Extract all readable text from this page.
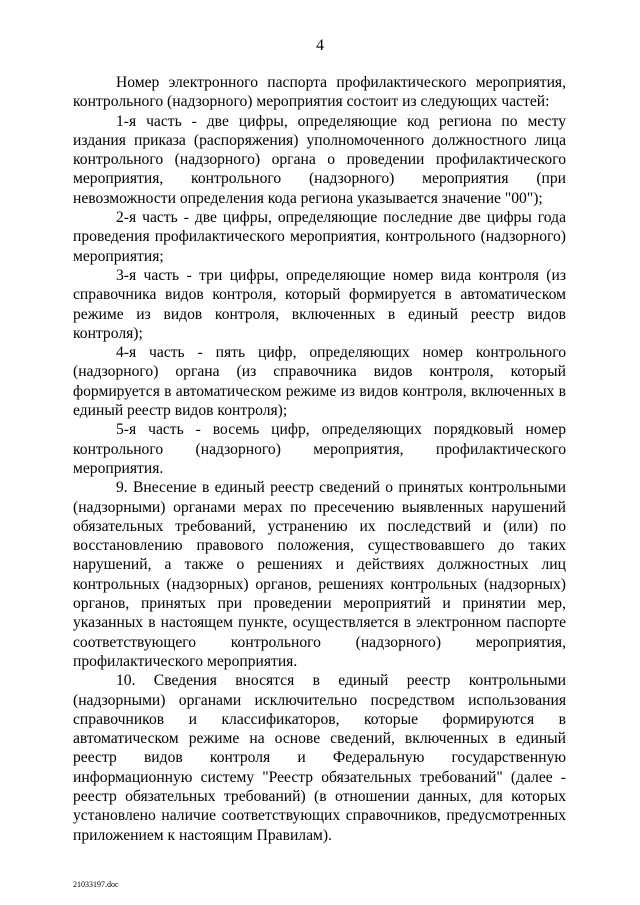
4

Номер электронного паспорта профилактического мероприятия, контрольного (надзорного) мероприятия состоит из следующих частей:

1-я часть - две цифры, определяющие код региона по месту издания приказа (распоряжения) уполномоченного должностного лица контрольного (надзорного) органа о проведении профилактического мероприятия, контрольного (надзорного) мероприятия (при невозможности определения кода региона указывается значение "00");

2-я часть - две цифры, определяющие последние две цифры года проведения профилактического мероприятия, контрольного (надзорного) мероприятия;

3-я часть - три цифры, определяющие номер вида контроля (из справочника видов контроля, который формируется в автоматическом режиме из видов контроля, включенных в единый реестр видов контроля);

4-я часть - пять цифр, определяющих номер контрольного (надзорного) органа (из справочника видов контроля, который формируется в автоматическом режиме из видов контроля, включенных в единый реестр видов контроля);

5-я часть - восемь цифр, определяющих порядковый номер контрольного (надзорного) мероприятия, профилактического мероприятия.

9. Внесение в единый реестр сведений о принятых контрольными (надзорными) органами мерах по пресечению выявленных нарушений обязательных требований, устранению их последствий и (или) по восстановлению правового положения, существовавшего до таких нарушений, а также о решениях и действиях должностных лиц контрольных (надзорных) органов, решениях контрольных (надзорных) органов, принятых при проведении мероприятий и принятии мер, указанных в настоящем пункте, осуществляется в электронном паспорте соответствующего контрольного (надзорного) мероприятия, профилактического мероприятия.

10. Сведения вносятся в единый реестр контрольными (надзорными) органами исключительно посредством использования справочников и классификаторов, которые формируются в автоматическом режиме на основе сведений, включенных в единый реестр видов контроля и Федеральную государственную информационную систему "Реестр обязательных требований" (далее - реестр обязательных требований) (в отношении данных, для которых установлено наличие соответствующих справочников, предусмотренных приложением к настоящим Правилам).

21033197.doc
